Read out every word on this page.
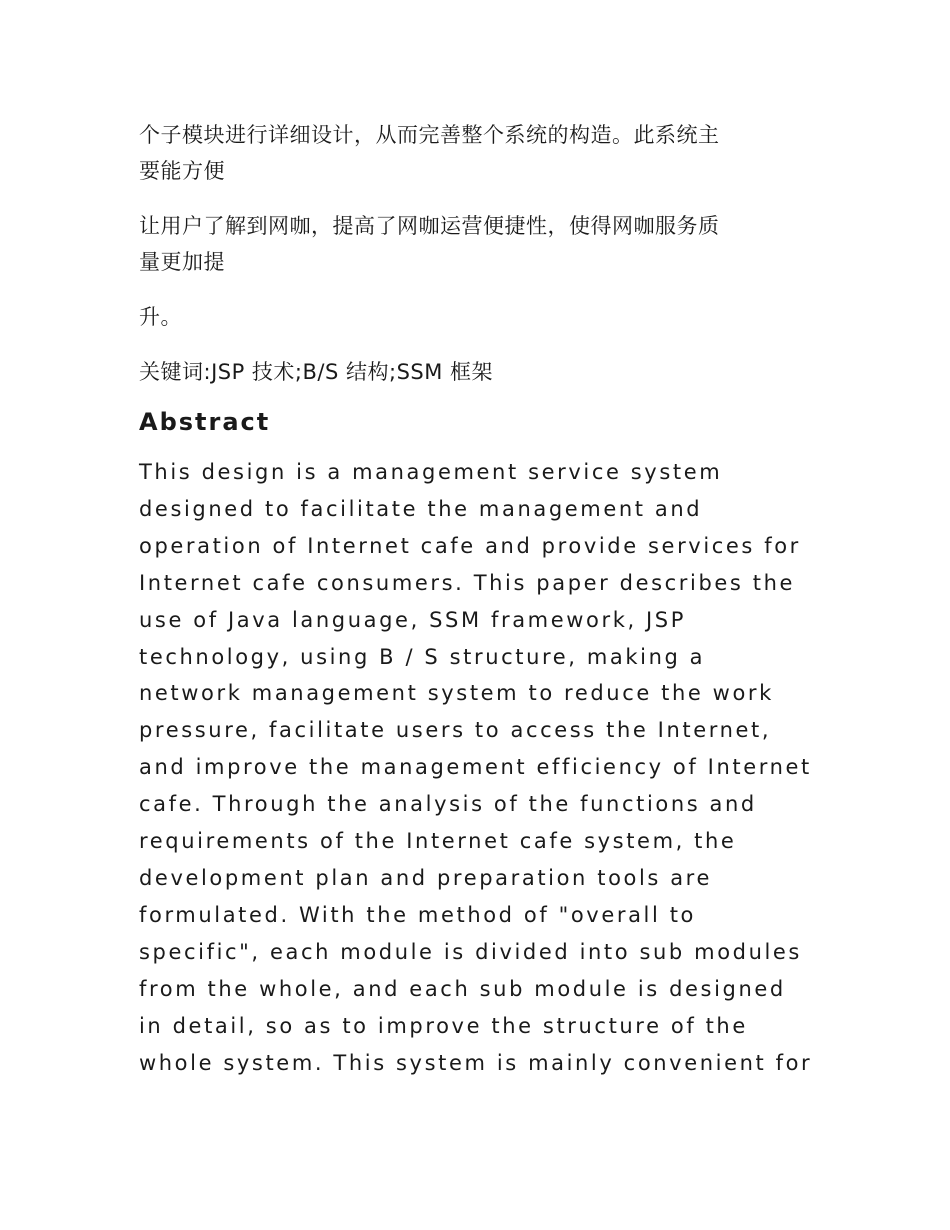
个子模块进行详细设计，从而完善整个系统的构造。此系统主
要能方便

让用户了解到网咖，提高了网咖运营便捷性，使得网咖服务质
量更加提

升。

关键词:JSP 技术;B/S 结构;SSM 框架

Abstract

This design is a management service system

designed to facilitate the management and

operation of Internet cafe and provide services for

Internet cafe consumers. This paper describes the

use of Java language, SSM framework, JSP

technology, using B / S structure, making a

network management system to reduce the work

pressure, facilitate users to access the Internet,

and improve the management efficiency of Internet

cafe. Through the analysis of the functions and

requirements of the Internet cafe system, the

development plan and preparation tools are

formulated. With the method of "overall to

specific", each module is divided into sub modules

from the whole, and each sub module is designed

in detail, so as to improve the structure of the

whole system. This system is mainly convenient for
